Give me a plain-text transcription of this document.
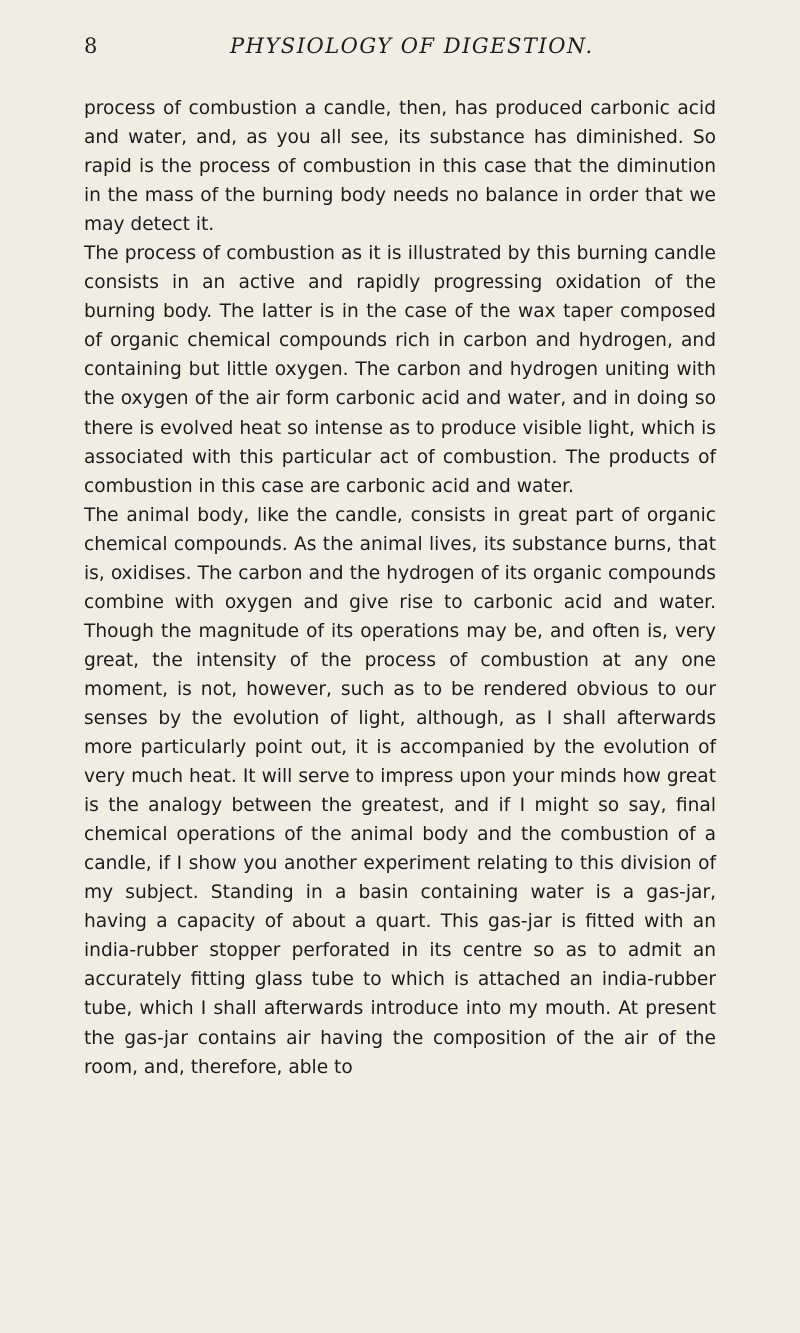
8	PHYSIOLOGY OF DIGESTION.

process of combustion a candle, then, has produced carbonic acid and water, and, as you all see, its substance has diminished. So rapid is the process of combustion in this case that the diminution in the mass of the burning body needs no balance in order that we may detect it.

The process of combustion as it is illustrated by this burning candle consists in an active and rapidly progressing oxidation of the burning body. The latter is in the case of the wax taper composed of organic chemical compounds rich in carbon and hydrogen, and containing but little oxygen. The carbon and hydrogen uniting with the oxygen of the air form carbonic acid and water, and in doing so there is evolved heat so intense as to produce visible light, which is associated with this particular act of combustion. The products of combustion in this case are carbonic acid and water.

The animal body, like the candle, consists in great part of organic chemical compounds. As the animal lives, its substance burns, that is, oxidises. The carbon and the hydrogen of its organic compounds combine with oxygen and give rise to carbonic acid and water. Though the magnitude of its operations may be, and often is, very great, the intensity of the process of combustion at any one moment, is not, however, such as to be rendered obvious to our senses by the evolution of light, although, as I shall afterwards more particularly point out, it is accompanied by the evolution of very much heat. It will serve to impress upon your minds how great is the analogy between the greatest, and if I might so say, final chemical operations of the animal body and the combustion of a candle, if I show you another experiment relating to this division of my subject. Standing in a basin containing water is a gas-jar, having a capacity of about a quart. This gas-jar is fitted with an india-rubber stopper perforated in its centre so as to admit an accurately fitting glass tube to which is attached an india-rubber tube, which I shall afterwards introduce into my mouth. At present the gas-jar contains air having the composition of the air of the room, and, therefore, able to
